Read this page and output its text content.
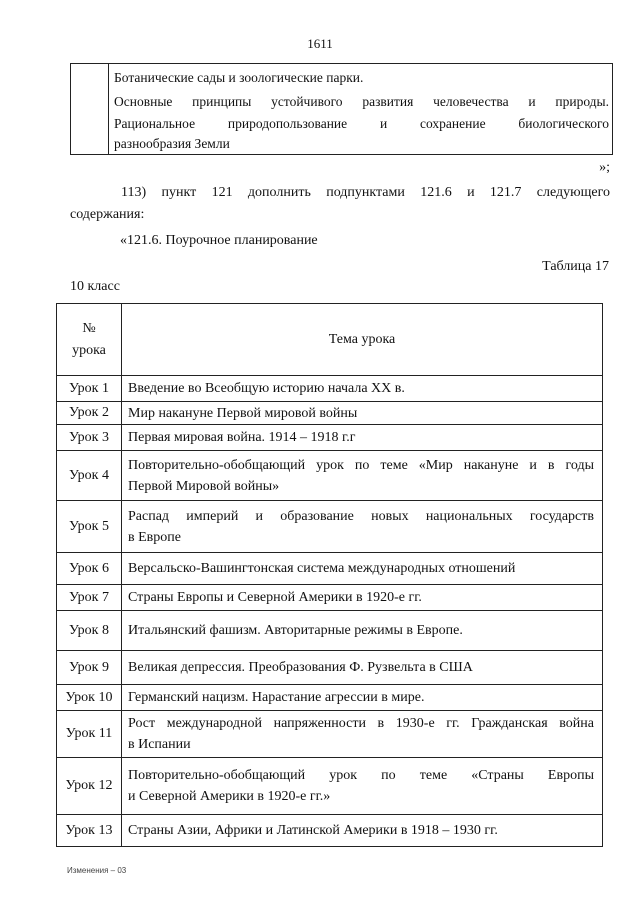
1611
Ботанические сады и зоологические парки.
Основные принципы устойчивого развития человечества и природы.
Рациональное природопользование и сохранение биологического
разнообразия Земли
»;
113) пункт 121 дополнить подпунктами 121.6 и 121.7 следующего
содержания:
«121.6. Поурочное планирование
Таблица 17
10 класс
№
урока	Тема урока
Урок 1	Введение во Всеобщую историю начала XX в.
Урок 2	Мир накануне Первой мировой войны
Урок 3	Первая мировая война. 1914 – 1918 г.г
Урок 4	Повторительно-обобщающий урок по теме «Мир накануне и в годы
Первой Мировой войны»

Урок 5	Распад империй и образование новых национальных государств
в Европе

Урок 6	Версальско-Вашингтонская система международных отношений
Урок 7	Страны Европы и Северной Америки в 1920-е гг.
Урок 8	Итальянский фашизм. Авторитарные режимы в Европе.
Урок 9	Великая депрессия. Преобразования Ф. Рузвельта в США
Урок 10	Германский нацизм. Нарастание агрессии в мире.
Урок 11	Рост международной напряженности в 1930-е гг. Гражданская война
в Испании

Урок 12	Повторительно-обобщающий урок по теме «Страны Европы
и Северной Америки в 1920-е гг.»

Урок 13	Страны Азии, Африки и Латинской Америки в 1918 – 1930 гг.
Изменения – 03
